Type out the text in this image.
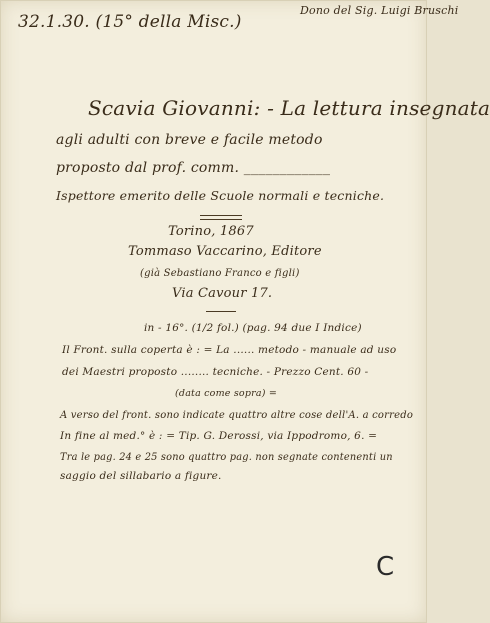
32.1.30. (15° della Misc.)
Dono del Sig. Luigi Bruschi
Scavia Giovanni: - La lettura insegnata
agli adulti con breve e facile metodo
proposto dal prof. comm. ____________
Ispettore emerito delle Scuole normali e tecniche.
Torino, 1867
Tommaso Vaccarino, Editore
(già Sebastiano Franco e figli)
Via Cavour 17.
in - 16°. (1/2 fol.) (pag. 94 due I Indice)
Il Front. sulla coperta è : = La ...... metodo - manuale ad uso
dei Maestri proposto ........ tecniche. - Prezzo Cent. 60 -
(data come sopra) =
A verso del front. sono indicate quattro altre cose dell'A. a corredo
In fine al med.° è : = Tip. G. Derossi, via Ippodromo, 6. =
Tra le pag. 24 e 25 sono quattro pag. non segnate contenenti un
saggio del sillabario a figure.
C
